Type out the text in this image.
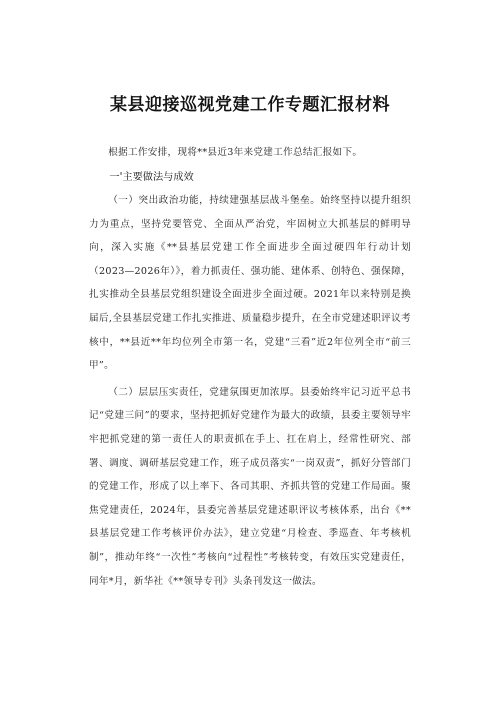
某县迎接巡视党建工作专题汇报材料

根据工作安排，现将**县近3年来党建工作总结汇报如下。

一'主要做法与成效

（一）突出政治功能，持续建强基层战斗堡垒。始终坚持以提升组织力为重点，坚持党要管党、全面从严治党，牢固树立大抓基层的鲜明导向，深入实施《**县基层党建工作全面进步全面过硬四年行动计划（2023—2026年）》，着力抓责任、强功能、建体系、创特色、强保障，扎实推动全县基层党组织建设全面进步全面过硬。2021年以来特别是换届后,全县基层党建工作扎实推进、质量稳步提升，在全市党建述职评议考核中，**县近**年均位列全市第一名，党建“三看”近2年位列全市“前三甲”。

（二）层层压实责任，党建氛围更加浓厚。县委始终牢记习近平总书记“党建三问”的要求，坚持把抓好党建作为最大的政绩，县委主要领导牢牢把抓党建的第一责任人的职责抓在手上、扛在肩上，经常性研究、部署、调度、调研基层党建工作，班子成员落实“一岗双责”，抓好分管部门的党建工作，形成了以上率下、各司其职、齐抓共管的党建工作局面。聚焦党建责任，2024年，县委完善基层党建述职评议考核体系，出台《**县基层党建工作考核评价办法》，建立党建“月检查、季巡查、年考核机制”，推动年终“一次性”考核向“过程性”考核转变，有效压实党建责任，同年*月，新华社《**领导专刊》头条刊发这一做法。
